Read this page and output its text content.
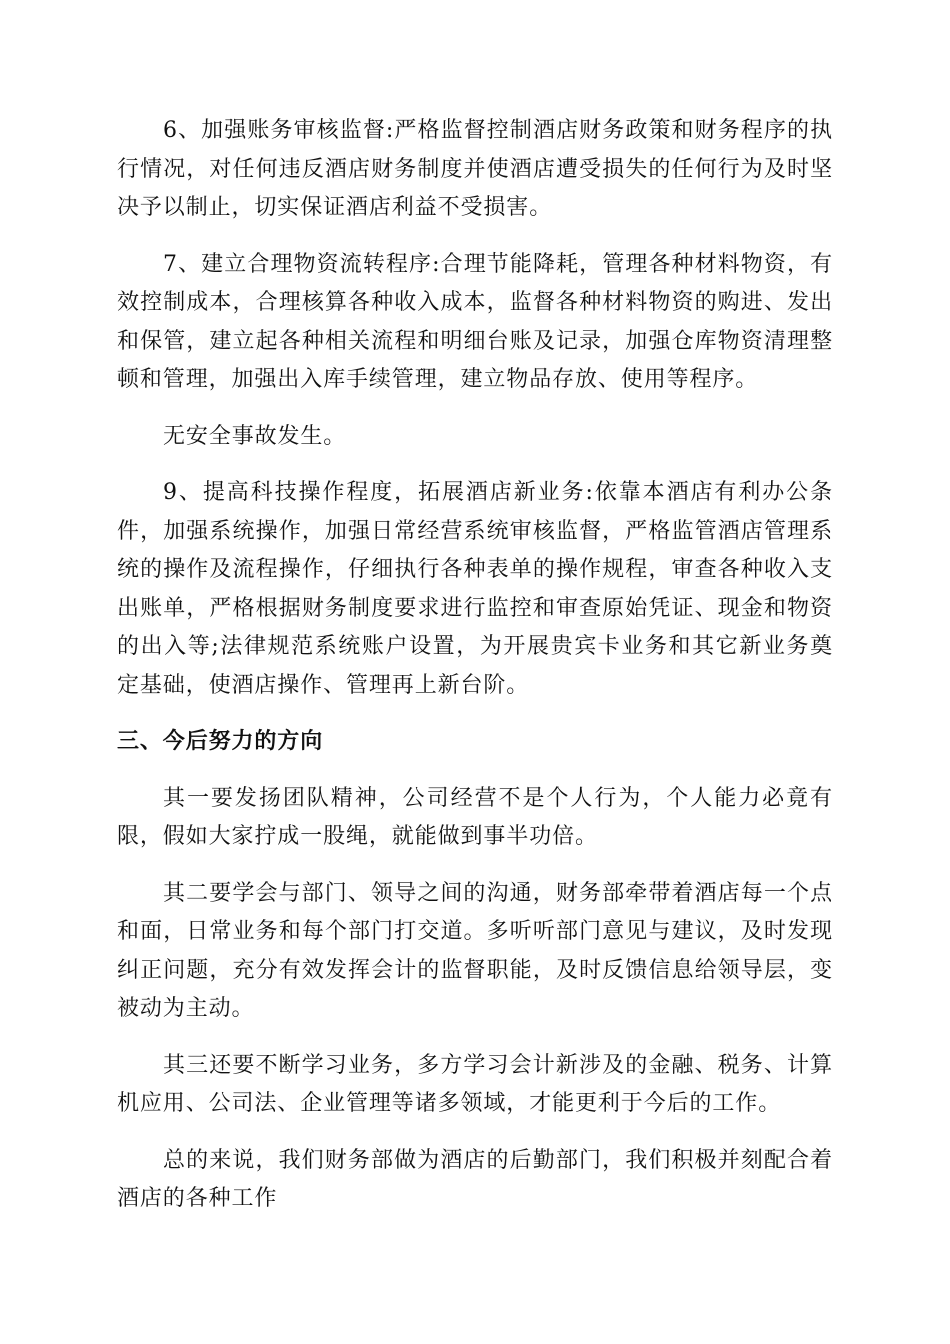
6、加强账务审核监督:严格监督控制酒店财务政策和财务程序的执行情况，对任何违反酒店财务制度并使酒店遭受损失的任何行为及时坚决予以制止，切实保证酒店利益不受损害。

7、建立合理物资流转程序:合理节能降耗，管理各种材料物资，有效控制成本，合理核算各种收入成本，监督各种材料物资的购进、发出和保管，建立起各种相关流程和明细台账及记录，加强仓库物资清理整顿和管理，加强出入库手续管理，建立物品存放、使用等程序。

无安全事故发生。

9、提高科技操作程度，拓展酒店新业务:依靠本酒店有利办公条件，加强系统操作，加强日常经营系统审核监督，严格监管酒店管理系统的操作及流程操作，仔细执行各种表单的操作规程，审查各种收入支出账单，严格根据财务制度要求进行监控和审查原始凭证、现金和物资的出入等;法律规范系统账户设置，为开展贵宾卡业务和其它新业务奠定基础，使酒店操作、管理再上新台阶。

三、今后努力的方向

其一要发扬团队精神，公司经营不是个人行为，个人能力必竟有限，假如大家拧成一股绳，就能做到事半功倍。

其二要学会与部门、领导之间的沟通，财务部牵带着酒店每一个点和面，日常业务和每个部门打交道。多听听部门意见与建议，及时发现纠正问题，充分有效发挥会计的监督职能，及时反馈信息给领导层，变被动为主动。

其三还要不断学习业务，多方学习会计新涉及的金融、税务、计算机应用、公司法、企业管理等诸多领域，才能更利于今后的工作。

总的来说，我们财务部做为酒店的后勤部门，我们积极并刻配合着酒店的各种工作
